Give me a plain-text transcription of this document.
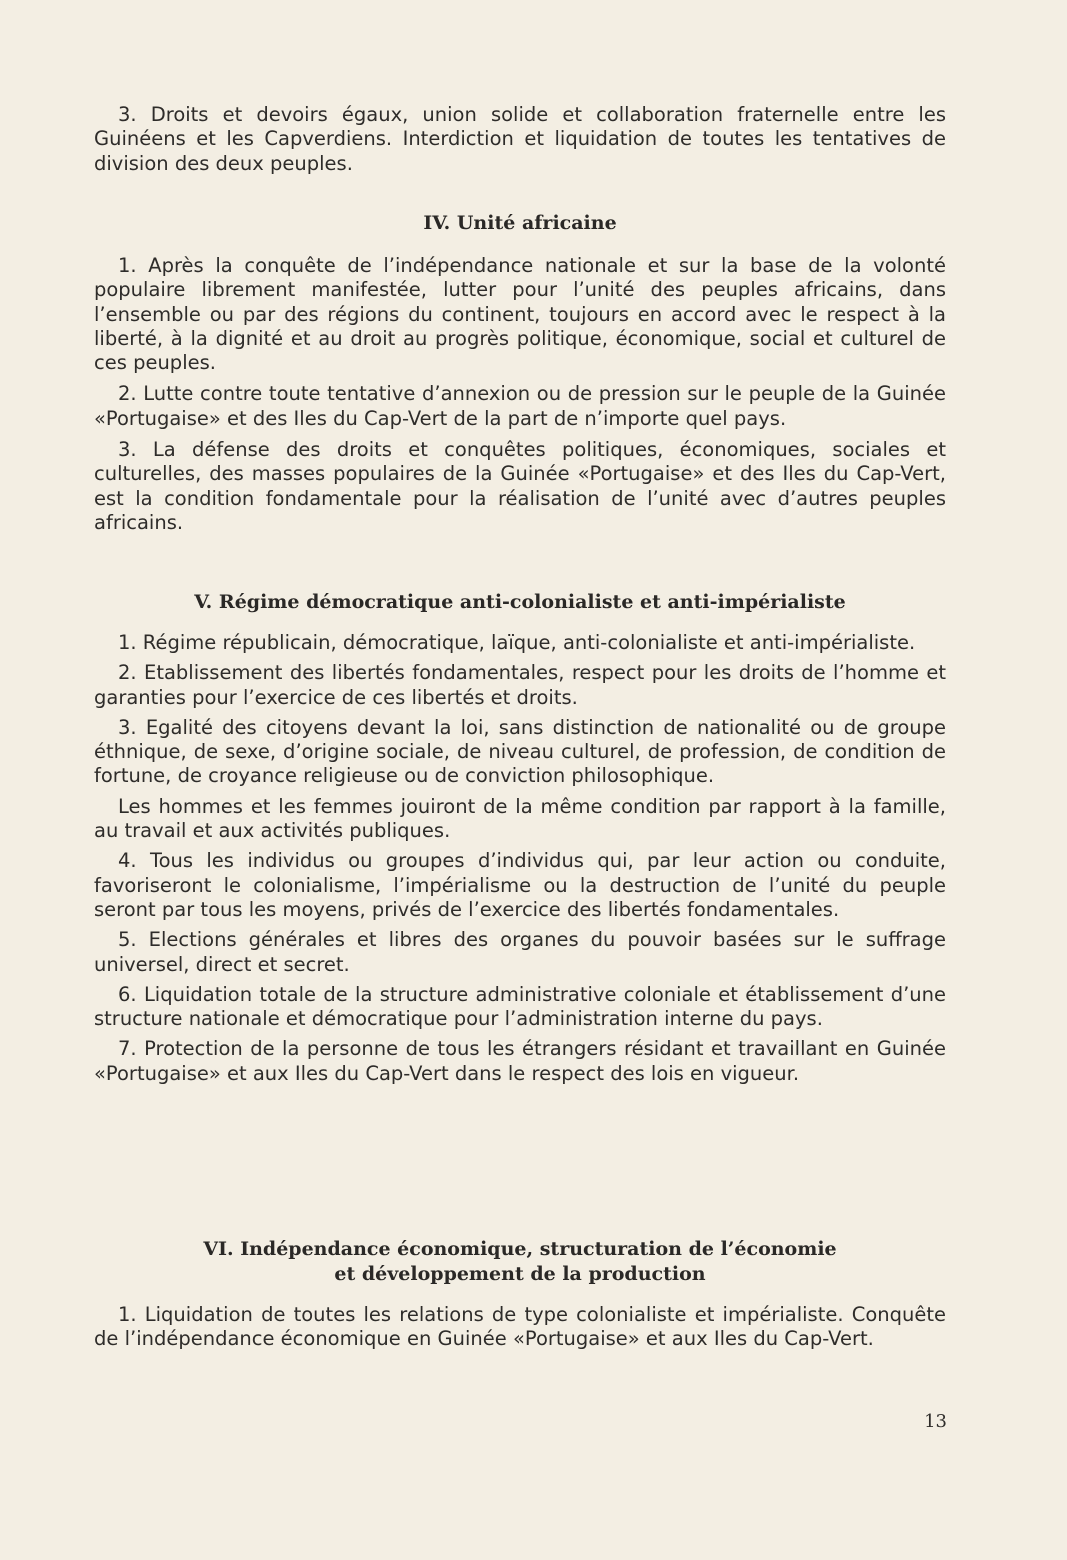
3. Droits et devoirs égaux, union solide et collaboration fraternelle entre les Guinéens et les Capverdiens. Interdiction et liquidation de toutes les tentatives de division des deux peuples.

IV. Unité africaine

1. Après la conquête de l’indépendance nationale et sur la base de la volonté populaire librement manifestée, lutter pour l’unité des peuples africains, dans l’ensemble ou par des régions du continent, toujours en accord avec le respect à la liberté, à la dignité et au droit au progrès politique, économique, social et culturel de ces peuples.

2. Lutte contre toute tentative d’annexion ou de pression sur le peuple de la Guinée «Portugaise» et des Iles du Cap-Vert de la part de n’importe quel pays.

3. La défense des droits et conquêtes politiques, économiques, sociales et culturelles, des masses populaires de la Guinée «Portugaise» et des Iles du Cap-Vert, est la condition fondamentale pour la réalisation de l’unité avec d’autres peuples africains.

V. Régime démocratique anti-colonialiste et anti-impérialiste

1. Régime républicain, démocratique, laïque, anti-colonialiste et anti-impérialiste.

2. Etablissement des libertés fondamentales, respect pour les droits de l’homme et garanties pour l’exercice de ces libertés et droits.

3. Egalité des citoyens devant la loi, sans distinction de nationalité ou de groupe éthnique, de sexe, d’origine sociale, de niveau culturel, de profession, de condition de fortune, de croyance religieuse ou de conviction philosophique.

Les hommes et les femmes jouiront de la même condition par rapport à la famille, au travail et aux activités publiques.

4. Tous les individus ou groupes d’individus qui, par leur action ou conduite, favoriseront le colonialisme, l’impérialisme ou la destruction de l’unité du peuple seront par tous les moyens, privés de l’exercice des libertés fondamentales.

5. Elections générales et libres des organes du pouvoir basées sur le suffrage universel, direct et secret.

6. Liquidation totale de la structure administrative coloniale et établissement d’une structure nationale et démocratique pour l’administration interne du pays.

7. Protection de la personne de tous les étrangers résidant et travaillant en Guinée «Portugaise» et aux Iles du Cap-Vert dans le respect des lois en vigueur.

VI. Indépendance économique, structuration de l’économie
et développement de la production

1. Liquidation de toutes les relations de type colonialiste et impérialiste. Conquête de l’indépendance économique en Guinée «Portugaise» et aux Iles du Cap-Vert.

13
